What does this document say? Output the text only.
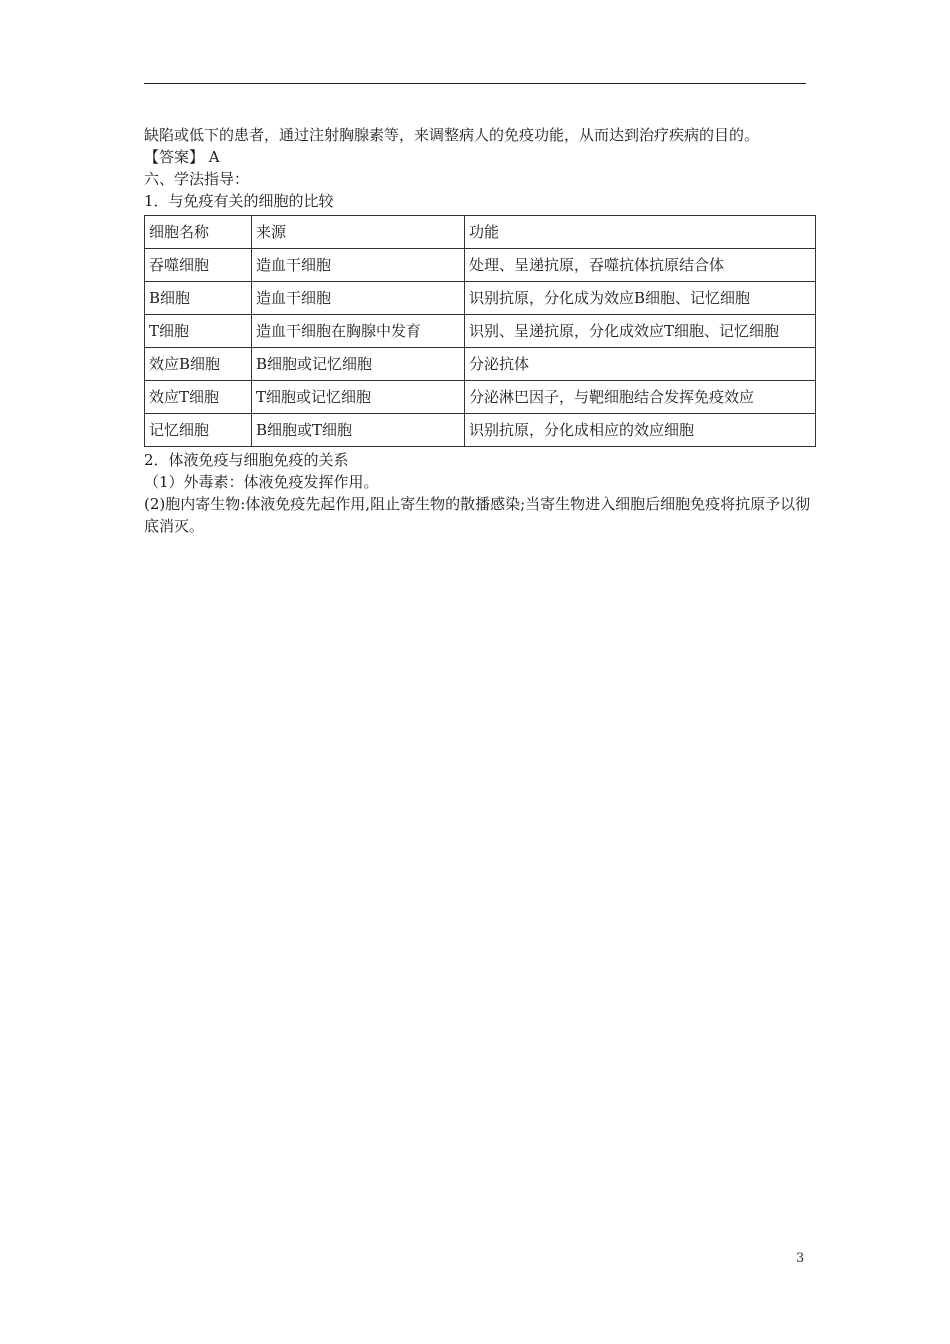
缺陷或低下的患者，通过注射胸腺素等，来调整病人的免疫功能，从而达到治疗疾病的目的。

【答案】 A

六、学法指导：

1．与免疫有关的细胞的比较

细胞名称	来源	功能
吞噬细胞	造血干细胞	处理、呈递抗原，吞噬抗体抗原结合体
B细胞	造血干细胞	识别抗原，分化成为效应B细胞、记忆细胞
T细胞	造血干细胞在胸腺中发育	识别、呈递抗原，分化成效应T细胞、记忆细胞
效应B细胞	B细胞或记忆细胞	分泌抗体
效应T细胞	T细胞或记忆细胞	分泌淋巴因子，与靶细胞结合发挥免疫效应
记忆细胞	B细胞或T细胞	识别抗原，分化成相应的效应细胞

2．体液免疫与细胞免疫的关系

（1）外毒素：体液免疫发挥作用。

(2)胞内寄生物:体液免疫先起作用,阻止寄生物的散播感染;当寄生物进入细胞后细胞免疫将抗原予以彻底消灭。

3
